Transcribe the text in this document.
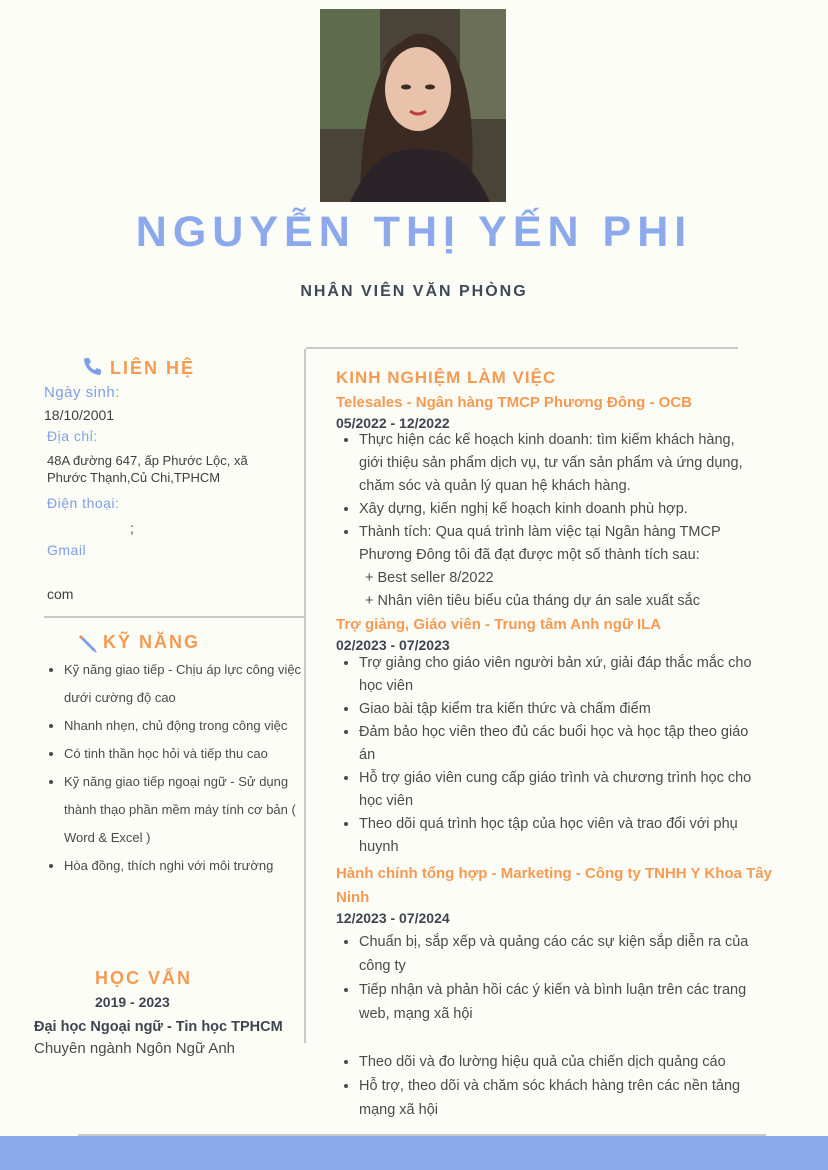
NGUYỄN THỊ YẾN PHI
NHÂN VIÊN VĂN PHÒNG
LIÊN HỆ
Ngày sinh:
18/10/2001
Địa chỉ:
48A đường 647, ấp Phước Lộc, xã Phước Thạnh,Củ Chi,TPHCM
Điện thoại:
;
Gmail
com
KỸ NĂNG
• Kỹ năng giao tiếp - Chịu áp lực công việc dưới cường độ cao
• Nhanh nhẹn, chủ động trong công việc
• Có tinh thần học hỏi và tiếp thu cao
• Kỹ năng giao tiếp ngoại ngữ - Sử dụng thành thạo phần mềm máy tính cơ bản ( Word & Excel )
• Hòa đồng, thích nghi với môi trường
HỌC VẤN
2019 - 2023
Đại học Ngoại ngữ - Tin học TPHCM
Chuyên ngành Ngôn Ngữ Anh
KINH NGHIỆM LÀM VIỆC
Telesales - Ngân hàng TMCP Phương Đông - OCB
05/2022 - 12/2022
• Thực hiện các kế hoạch kinh doanh: tìm kiếm khách hàng, giới thiệu sản phẩm dịch vụ, tư vấn sản phẩm và ứng dụng, chăm sóc và quản lý quan hệ khách hàng.
• Xây dựng, kiến nghị kế hoạch kinh doanh phù hợp.
• Thành tích: Qua quá trình làm việc tại Ngân hàng TMCP Phương Đông tôi đã đạt được một số thành tích sau:
+ Best seller 8/2022
+ Nhân viên tiêu biểu của tháng dự án sale xuất sắc
Trợ giảng, Giáo viên - Trung tâm Anh ngữ ILA
02/2023 - 07/2023
• Trợ giảng cho giáo viên người bản xứ, giải đáp thắc mắc cho học viên
• Giao bài tập kiểm tra kiến thức và chấm điểm
• Đảm bảo học viên theo đủ các buổi học và học tập theo giáo án
• Hỗ trợ giáo viên cung cấp giáo trình và chương trình học cho học viên
• Theo dõi quá trình học tập của học viên và trao đổi với phụ huynh
Hành chính tổng hợp - Marketing - Công ty TNHH Y Khoa Tây Ninh
12/2023 - 07/2024
• Chuẩn bị, sắp xếp và quảng cáo các sự kiện sắp diễn ra của công ty
• Tiếp nhận và phản hồi các ý kiến và bình luận trên các trang web, mạng xã hội
• Theo dõi và đo lường hiệu quả của chiến dịch quảng cáo
• Hỗ trợ, theo dõi và chăm sóc khách hàng trên các nền tảng mạng xã hội
